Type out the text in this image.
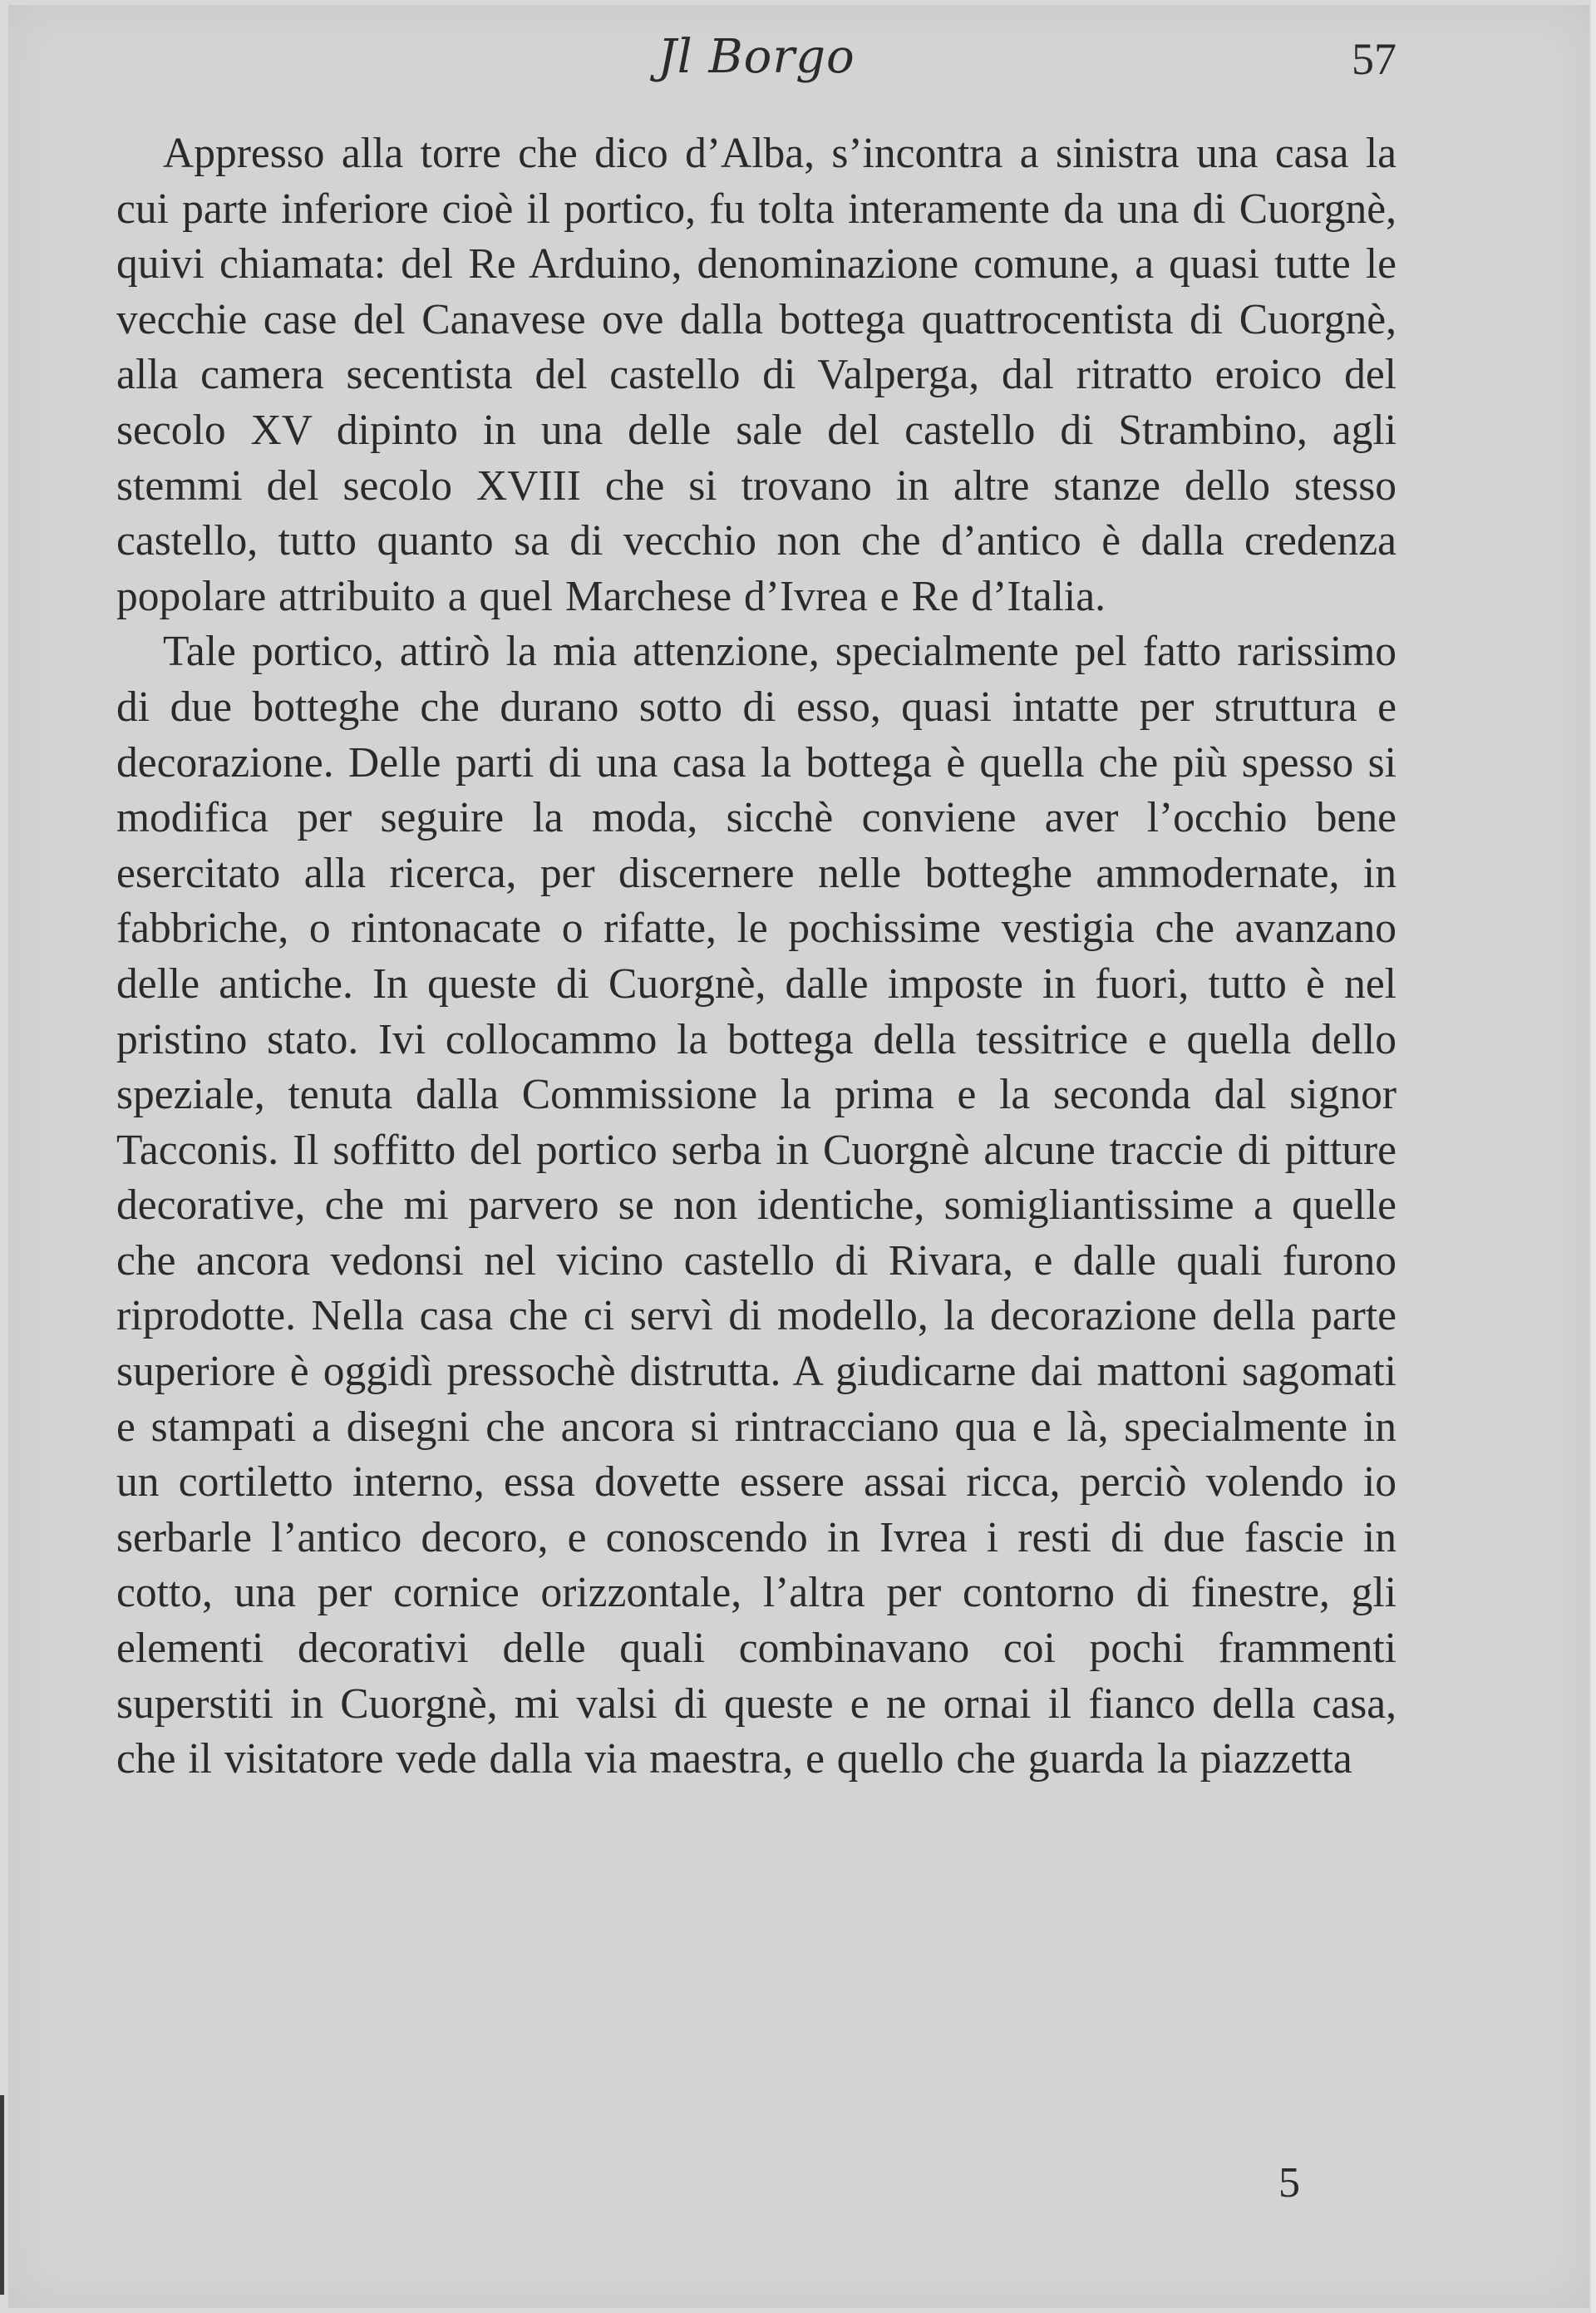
Jl Borgo	57

Appresso alla torre che dico d’Alba, s’incontra a sinistra una casa la cui parte inferiore cioè il portico, fu tolta interamente da una di Cuorgnè, quivi chiamata: del Re Arduino, denominazione comune, a quasi tutte le vecchie case del Canavese ove dalla bottega quattrocentista di Cuorgnè, alla camera secentista del castello di Valperga, dal ritratto eroico del secolo XV dipinto in una delle sale del castello di Strambino, agli stemmi del secolo XVIII che si trovano in altre stanze dello stesso castello, tutto quanto sa di vecchio non che d’antico è dalla credenza popolare attribuito a quel Marchese d’Ivrea e Re d’Italia.

Tale portico, attirò la mia attenzione, specialmente pel fatto rarissimo di due botteghe che durano sotto di esso, quasi intatte per struttura e decorazione. Delle parti di una casa la bottega è quella che più spesso si modifica per seguire la moda, sicchè conviene aver l’occhio bene esercitato alla ricerca, per discernere nelle botteghe ammodernate, in fabbriche, o rintonacate o rifatte, le pochissime vestigia che avanzano delle antiche. In queste di Cuorgnè, dalle imposte in fuori, tutto è nel pristino stato. Ivi collocammo la bottega della tessitrice e quella dello speziale, tenuta dalla Commissione la prima e la seconda dal signor Tacconis. Il soffitto del portico serba in Cuorgnè alcune traccie di pitture decorative, che mi parvero se non identiche, somigliantissime a quelle che ancora vedonsi nel vicino castello di Rivara, e dalle quali furono riprodotte. Nella casa che ci servì di modello, la decorazione della parte superiore è oggidì pressochè distrutta. A giudicarne dai mattoni sagomati e stampati a disegni che ancora si rintracciano qua e là, specialmente in un cortiletto interno, essa dovette essere assai ricca, perciò volendo io serbarle l’antico decoro, e conoscendo in Ivrea i resti di due fascie in cotto, una per cornice orizzontale, l’altra per contorno di finestre, gli elementi decorativi delle quali combinavano coi pochi frammenti superstiti in Cuorgnè, mi valsi di queste e ne ornai il fianco della casa, che il visitatore vede dalla via maestra, e quello che guarda la piazzetta

5
